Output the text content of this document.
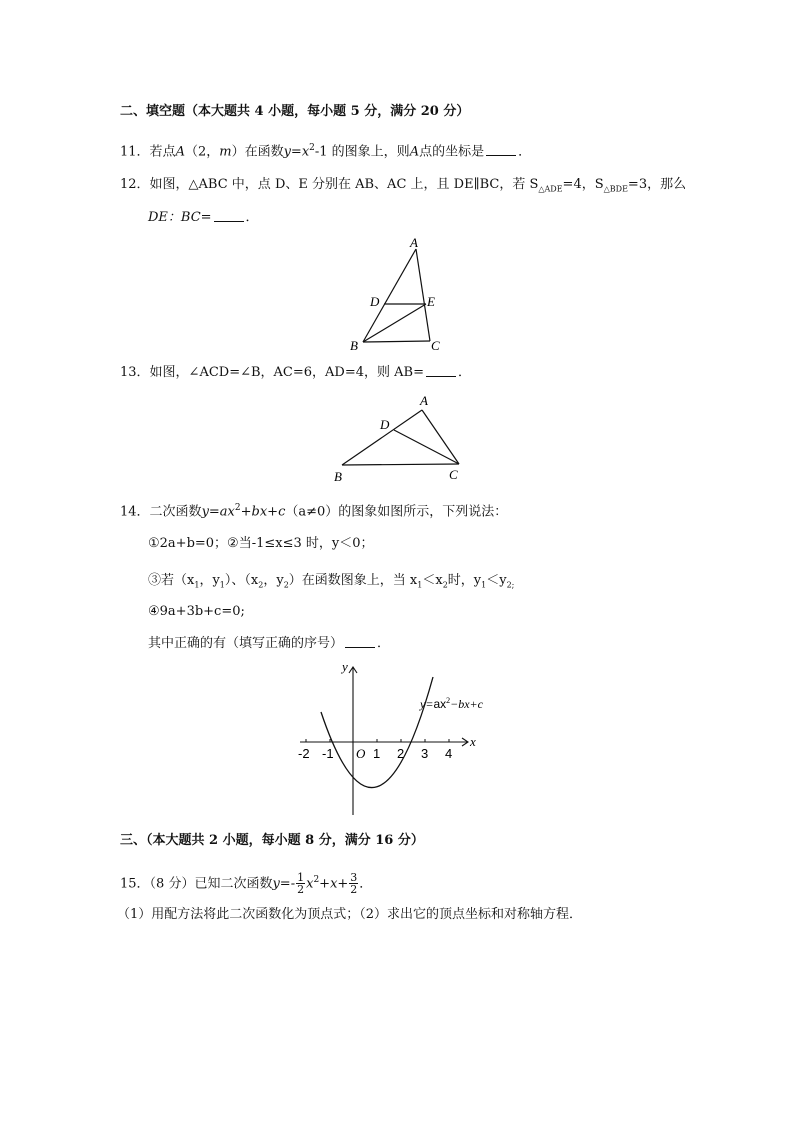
二、填空题（本大题共 4 小题，每小题 5 分，满分 20 分）
11．若点A（2，m）在函数$y=x^2-1$ 的图象上，则A点的坐标是	．
12．如图，△ABC 中，点 D、E 分别在 AB、AC 上，且 DE∥BC，若 $S_{\triangle ADE}=4$，$S_{\triangle BDE}=3$，那么
DE：BC=	．
A
D	E
B	C
13．如图，∠ACD=∠B，AC=6，AD=4，则 AB=	．
A
D
B	C
14．二次函数$y=ax^2+bx+c(a\ne 0)$的图象如图所示，下列说法：
①2a+b=0；②当-1≤x≤3 时，y＜0；
③若（$x_1$，$y_1$）、（$x_2$，$y_2$）在函数图象上，当 $x_1<x_2$时，$y_1<y_{2;}$
④9a+3b+c=0;
其中正确的有（填写正确的序号）	．
-2 -1 O 1 2 3 4
x
y
$y=ax^2-bx+c$
三、（本大题共 2 小题，每小题 8 分，满分 16 分）
15．（8 分）已知二次函数$y=- \frac{1}{2} x^2+x+ \frac{3}{2}$ ．
（1）用配方法将此二次函数化为顶点式；（2）求出它的顶点坐标和对称轴方程．
